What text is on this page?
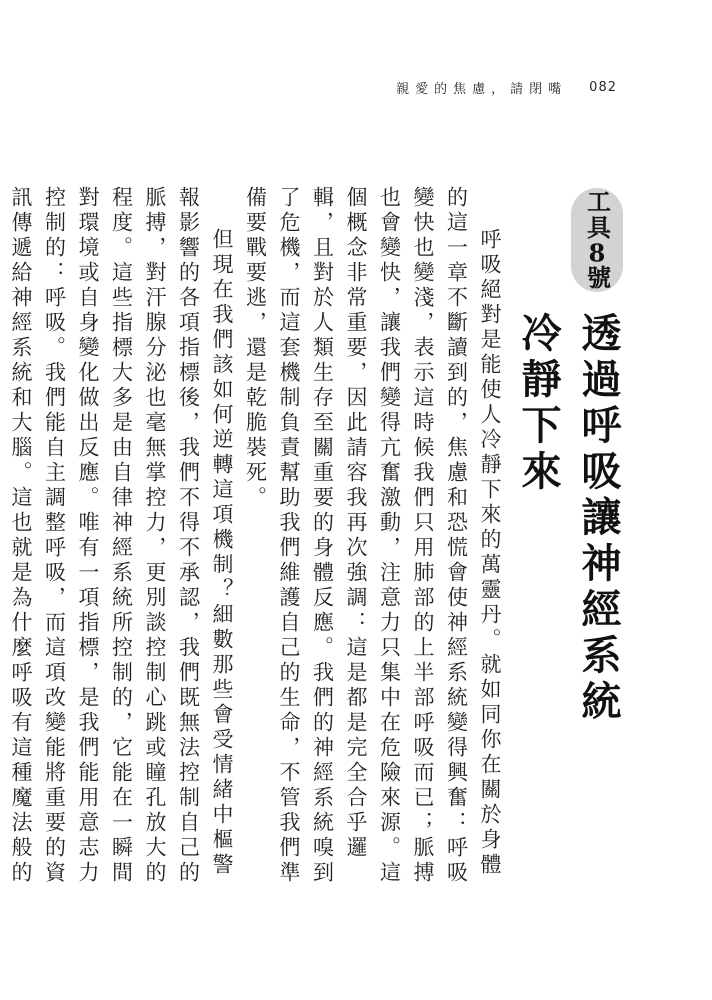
親愛的焦慮，請閉嘴 082
工具
8
號
透過呼吸讓神經系統冷靜下來

呼吸絕對是能使人冷靜下來的萬靈丹。就如同你在關於身體的這一章不斷讀到的，焦慮和恐慌會使神經系統變得興奮：呼吸變快也變淺，表示這時候我們只用肺部的上半部呼吸而已；脈搏也會變快，讓我們變得亢奮激動，注意力只集中在危險來源。這個概念非常重要，因此請容我再次強調：這是都是完全合乎邏輯，且對於人類生存至關重要的身體反應。我們的神經系統嗅到了危機，而這套機制負責幫助我們維護自己的生命，不管我們準備要戰要逃，還是乾脆裝死。

但現在我們該如何逆轉這項機制？細數那些會受情緒中樞警報影響的各項指標後，我們不得不承認，我們既無法控制自己的脈搏，對汗腺分泌也毫無掌控力，更別談控制心跳或瞳孔放大的程度。這些指標大多是由自律神經系統所控制的，它能在一瞬間對環境或自身變化做出反應。唯有一項指標，是我們能用意志力控制的：呼吸。我們能自主調整呼吸，而這項改變能將重要的資訊傳遞給神經系統和大腦。這也就是為什麼呼吸有這種魔法般的
